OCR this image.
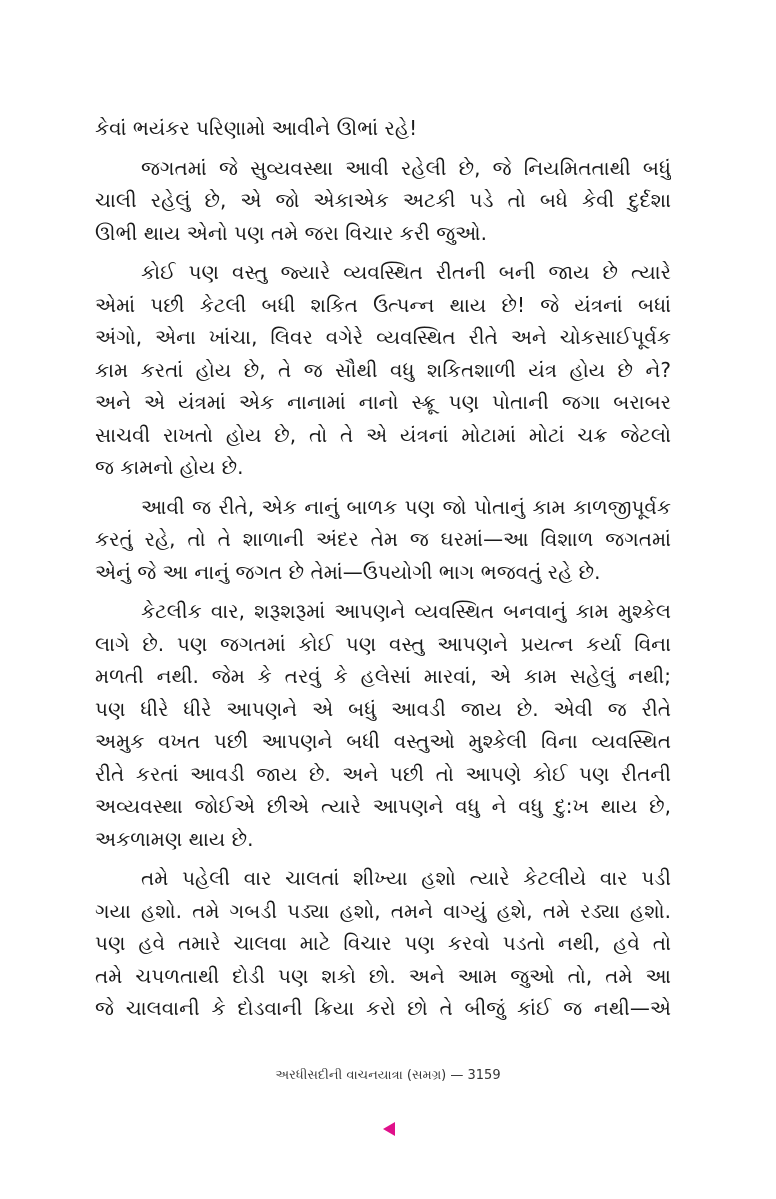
કેવાં ભયંકર પરિણામો આવીને ઊભાં રહે!
જગતમાં જે સુવ્યવસ્થા આવી રહેલી છે, જે નિયમિતતાથી બધું
ચાલી રહેલું છે, એ જો એકાએક અટકી પડે તો બધે કેવી દુર્દશા
ઊભી થાય એનો પણ તમે જરા વિચાર કરી જુઓ.
કોઈ પણ વસ્તુ જ્યારે વ્યવસ્થિત રીતની બની જાય છે ત્યારે
એમાં પછી કેટલી બધી શકિત ઉત્પન્ન થાય છે! જે યંત્રનાં બધાં
અંગો, એના ખાંચા, લિવર વગેરે વ્યવસ્થિત રીતે અને ચોકસાઈપૂર્વક
કામ કરતાં હોય છે, તે જ સૌથી વધુ શકિતશાળી યંત્ર હોય છે ને?
અને એ યંત્રમાં એક નાનામાં નાનો સ્ક્રૂ પણ પોતાની જગા બરાબર
સાચવી રાખતો હોય છે, તો તે એ યંત્રનાં મોટામાં મોટાં ચક્ર જેટલો
જ કામનો હોય છે.
આવી જ રીતે, એક નાનું બાળક પણ જો પોતાનું કામ કાળજીપૂર્વક
કરતું રહે, તો તે શાળાની અંદર તેમ જ ઘરમાં—આ વિશાળ જગતમાં
એનું જે આ નાનું જગત છે તેમાં—ઉપયોગી ભાગ ભજવતું રહે છે.
કેટલીક વાર, શરૂશરૂમાં આપણને વ્યવસ્થિત બનવાનું કામ મુશ્કેલ
લાગે છે. પણ જગતમાં કોઈ પણ વસ્તુ આપણને પ્રયત્ન કર્યા વિના
મળતી નથી. જેમ કે તરવું કે હલેસાં મારવાં, એ કામ સહેલું નથી;
પણ ધીરે ધીરે આપણને એ બધું આવડી જાય છે. એવી જ રીતે
અમુક વખત પછી આપણને બધી વસ્તુઓ મુશ્કેલી વિના વ્યવસ્થિત
રીતે કરતાં આવડી જાય છે. અને પછી તો આપણે કોઈ પણ રીતની
અવ્યવસ્થા જોઈએ છીએ ત્યારે આપણને વધુ ને વધુ દુ:ખ થાય છે,
અકળામણ થાય છે.
તમે પહેલી વાર ચાલતાં શીખ્યા હશો ત્યારે કેટલીયે વાર પડી
ગયા હશો. તમે ગબડી પડ્યા હશો, તમને વાગ્યું હશે, તમે રડ્યા હશો.
પણ હવે તમારે ચાલવા માટે વિચાર પણ કરવો પડતો નથી, હવે તો
તમે ચપળતાથી દોડી પણ શકો છો. અને આમ જુઓ તો, તમે આ
જે ચાલવાની કે દોડવાની ક્રિયા કરો છો તે બીજું કાંઈ જ નથી—એ
અરધીસદીની વાચનયાત્રા (સમગ્ર) — 3159
